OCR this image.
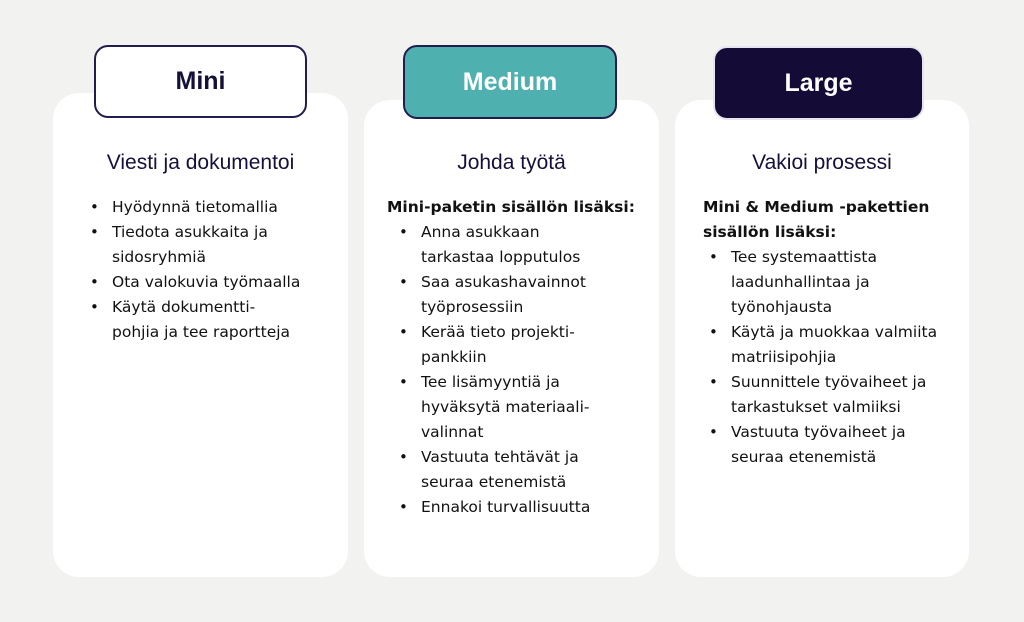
Viesti ja dokumentoi
• Hyödynnä tietomallia
• Tiedota asukkaita ja sidosryhmiä
• Ota valokuvia työmaalla
• Käytä dokumentti-
pohjia ja tee raportteja
Mini
Johda työtä
Mini-paketin sisällön lisäksi:
• Anna asukkaan tarkastaa lopputulos
• Saa asukashavainnot työprosessiin
• Kerää tieto projekti-
pankkiin
• Tee lisämyyntiä ja
hyväksytä materiaali-
valinnat
• Vastuuta tehtävät ja seuraa etenemistä
• Ennakoi turvallisuutta
Medium
Vakioi prosessi
Mini & Medium -pakettien sisällön lisäksi:
• Tee systemaattista laadunhallintaa ja työnohjausta
• Käytä ja muokkaa valmiita matriisipohjia
• Suunnittele työvaiheet ja tarkastukset valmiiksi
• Vastuuta työvaiheet ja seuraa etenemistä
Large
